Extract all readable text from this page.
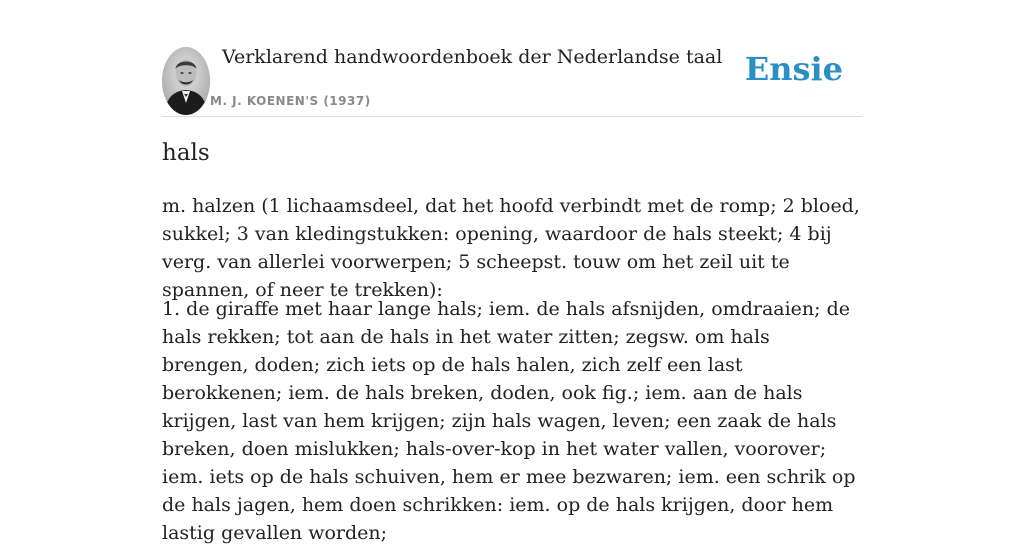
Verklarend handwoordenboek der Nederlandse taal
M. J. KOENEN'S (1937)
Ensie
hals

m. halzen (1 lichaamsdeel, dat het hoofd verbindt met de romp; 2 bloed, sukkel; 3 van kledingstukken: opening, waardoor de hals steekt; 4 bij verg. van allerlei voorwerpen; 5 scheepst. touw om het zeil uit te spannen, of neer te trekken):

1. de giraffe met haar lange hals; iem. de hals afsnijden, omdraaien; de hals rekken; tot aan de hals in het water zitten; zegsw. om hals brengen, doden; zich iets op de hals halen, zich zelf een last berokkenen; iem. de hals breken, doden, ook fig.; iem. aan de hals krijgen, last van hem krijgen; zijn hals wagen, leven; een zaak de hals breken, doen mislukken; hals-over-kop in het water vallen, voorover; iem. iets op de hals schuiven, hem er mee bezwaren; iem. een schrik op de hals jagen, hem doen schrikken: iem. op de hals krijgen, door hem lastig gevallen worden;
